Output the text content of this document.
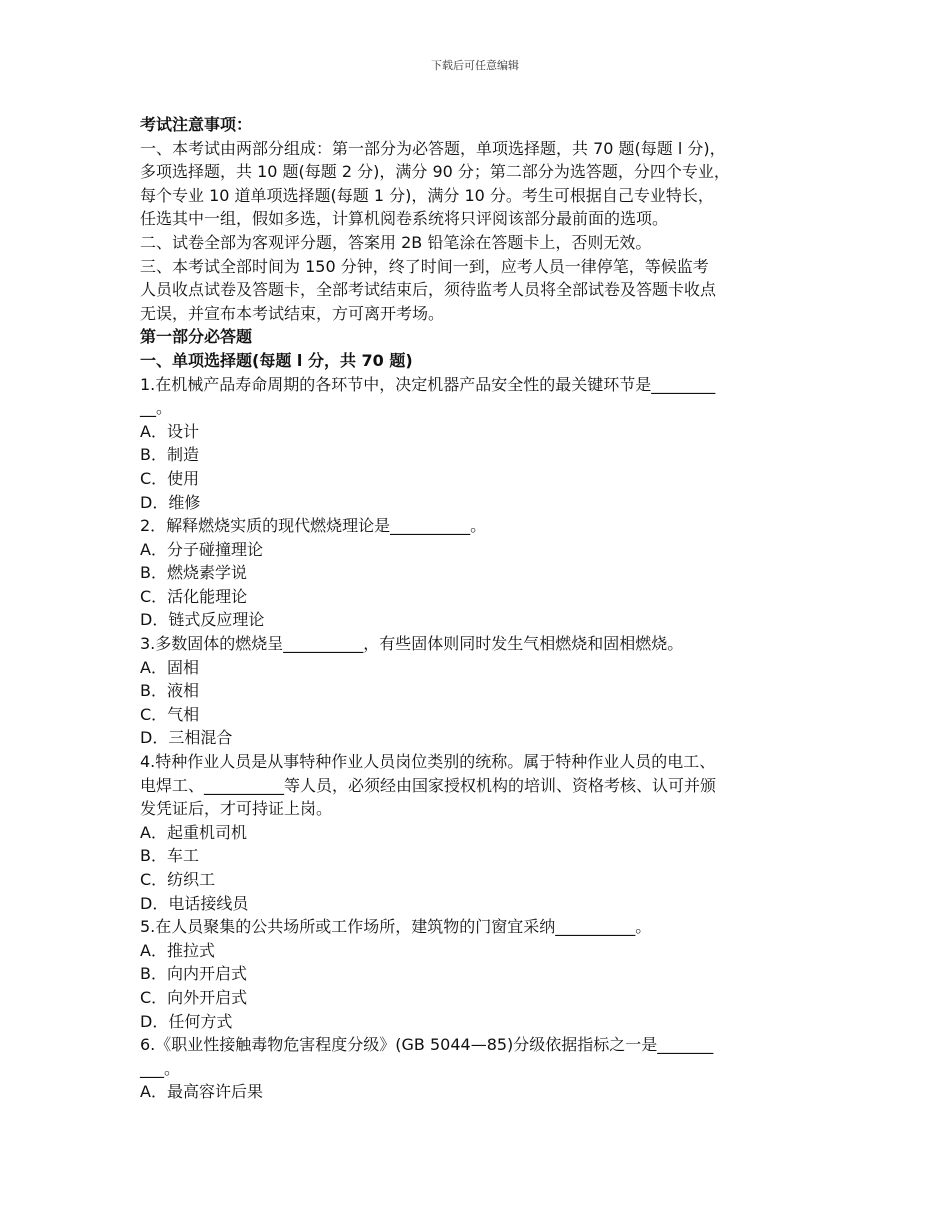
下载后可任意编辑
考试注意事项：
一、本考试由两部分组成：第一部分为必答题，单项选择题，共 70 题(每题 l 分)，
多项选择题，共 10 题(每题 2 分)，满分 90 分；第二部分为选答题，分四个专业，
每个专业 10 道单项选择题(每题 1 分)，满分 10 分。考生可根据自己专业特长，
任选其中一组，假如多选，计算机阅卷系统将只评阅该部分最前面的选项。
二、试卷全部为客观评分题，答案用 2B 铅笔涂在答题卡上，否则无效。
三、本考试全部时间为 150 分钟，终了时间一到，应考人员一律停笔，等候监考
人员收点试卷及答题卡，全部考试结束后，须待监考人员将全部试卷及答题卡收点
无误，并宣布本考试结束，方可离开考场。
第一部分必答题
一、单项选择题(每题 l 分，共 70 题)
1.在机械产品寿命周期的各环节中，决定机器产品安全性的最关键环节是________
__。
A．设计
B．制造
C．使用
D．维修
2．解释燃烧实质的现代燃烧理论是__________。
A．分子碰撞理论
B．燃烧素学说
C．活化能理论
D．链式反应理论
3.多数固体的燃烧呈__________，有些固体则同时发生气相燃烧和固相燃烧。
A．固相
B．液相
C．气相
D．三相混合
4.特种作业人员是从事特种作业人员岗位类别的统称。属于特种作业人员的电工、
电焊工、__________等人员，必须经由国家授权机构的培训、资格考核、认可并颁
发凭证后，才可持证上岗。
A．起重机司机
B．车工
C．纺织工
D．电话接线员
5.在人员聚集的公共场所或工作场所，建筑物的门窗宜采纳__________。
A．推拉式
B．向内开启式
C．向外开启式
D．任何方式
6.《职业性接触毒物危害程度分级》(GB 5044—85)分级依据指标之一是_______
___。
A．最高容许后果
